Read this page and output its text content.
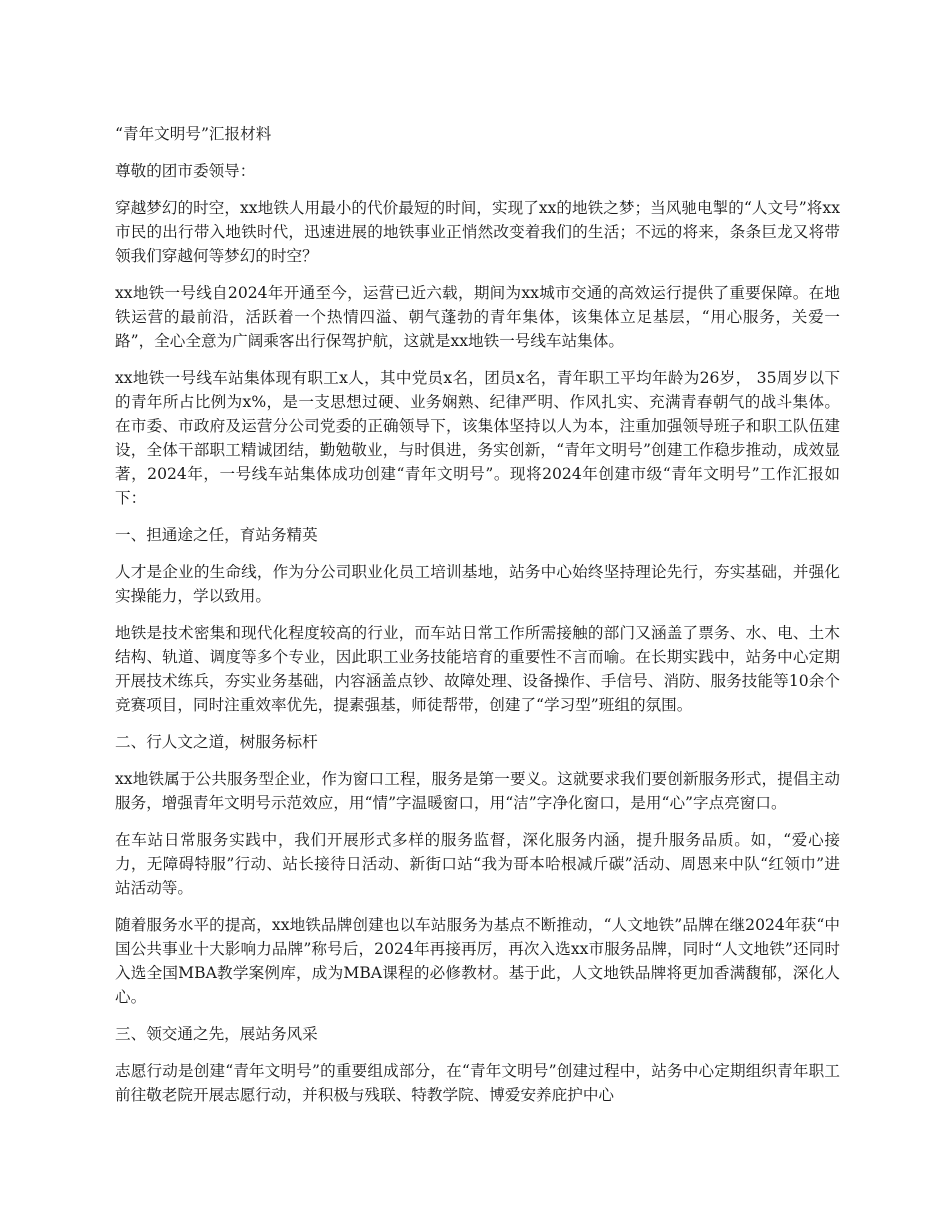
“青年文明号”汇报材料

尊敬的团市委领导：

穿越梦幻的时空，xx地铁人用最小的代价最短的时间，实现了xx的地铁之梦；当风驰电掣的“人文号”将xx市民的出行带入地铁时代，迅速进展的地铁事业正悄然改变着我们的生活；不远的将来，条条巨龙又将带领我们穿越何等梦幻的时空？

xx地铁一号线自2024年开通至今，运营已近六载，期间为xx城市交通的高效运行提供了重要保障。在地铁运营的最前沿，活跃着一个热情四溢、朝气蓬勃的青年集体，该集体立足基层，“用心服务，关爱一路”，全心全意为广阔乘客出行保驾护航，这就是xx地铁一号线车站集体。

xx地铁一号线车站集体现有职工x人，其中党员x名，团员x名，青年职工平均年龄为26岁， 35周岁以下的青年所占比例为x%，是一支思想过硬、业务娴熟、纪律严明、作风扎实、充满青春朝气的战斗集体。在市委、市政府及运营分公司党委的正确领导下，该集体坚持以人为本，注重加强领导班子和职工队伍建设，全体干部职工精诚团结，勤勉敬业，与时俱进，务实创新，“青年文明号”创建工作稳步推动，成效显著，2024年，一号线车站集体成功创建“青年文明号”。现将2024年创建市级“青年文明号”工作汇报如下：

一、担通途之任，育站务精英

人才是企业的生命线，作为分公司职业化员工培训基地，站务中心始终坚持理论先行，夯实基础，并强化实操能力，学以致用。

地铁是技术密集和现代化程度较高的行业，而车站日常工作所需接触的部门又涵盖了票务、水、电、土木结构、轨道、调度等多个专业，因此职工业务技能培育的重要性不言而喻。在长期实践中，站务中心定期开展技术练兵，夯实业务基础，内容涵盖点钞、故障处理、设备操作、手信号、消防、服务技能等10余个竞赛项目，同时注重效率优先，提素强基，师徒帮带，创建了“学习型”班组的氛围。

二、行人文之道，树服务标杆

xx地铁属于公共服务型企业，作为窗口工程，服务是第一要义。这就要求我们要创新服务形式，提倡主动服务，增强青年文明号示范效应，用“情”字温暖窗口，用“洁”字净化窗口，是用“心”字点亮窗口。

在车站日常服务实践中，我们开展形式多样的服务监督，深化服务内涵，提升服务品质。如，“爱心接力，无障碍特服”行动、站长接待日活动、新街口站“我为哥本哈根减斤碳”活动、周恩来中队“红领巾”进站活动等。

随着服务水平的提高，xx地铁品牌创建也以车站服务为基点不断推动，“人文地铁”品牌在继2024年获“中国公共事业十大影响力品牌”称号后，2024年再接再厉，再次入选xx市服务品牌，同时“人文地铁”还同时入选全国MBA教学案例库，成为MBA课程的必修教材。基于此，人文地铁品牌将更加香满馥郁，深化人心。

三、领交通之先，展站务风采

志愿行动是创建“青年文明号”的重要组成部分，在“青年文明号”创建过程中，站务中心定期组织青年职工前往敬老院开展志愿行动，并积极与残联、特教学院、博爱安养庇护中心
